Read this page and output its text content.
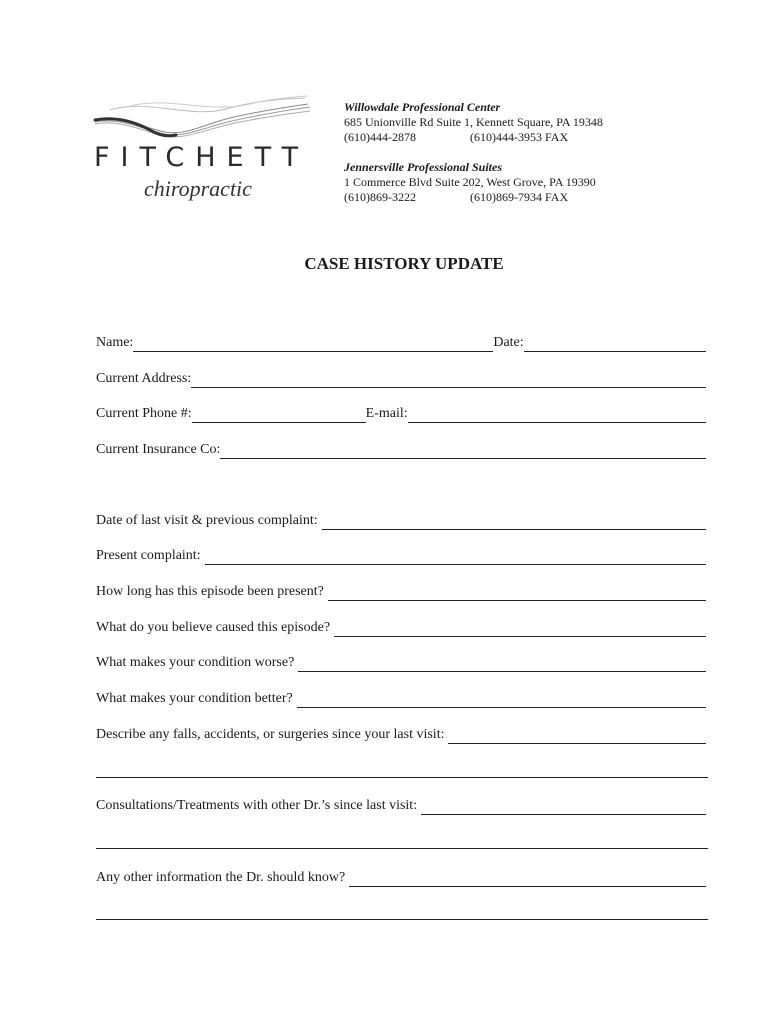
FITCHETT
chiropractic
Willowdale Professional Center
685 Unionville Rd Suite 1, Kennett Square, PA 19348
(610)444-2878	(610)444-3953 FAX
Jennersville Professional Suites
1 Commerce Blvd Suite 202, West Grove, PA 19390
(610)869-3222	(610)869-7934 FAX
CASE HISTORY UPDATE
Name:	Date:
Current Address:
Current Phone #:	E-mail:
Current Insurance Co:
Date of last visit & previous complaint:
Present complaint:
How long has this episode been present?
What do you believe caused this episode?
What makes your condition worse?
What makes your condition better?
Describe any falls, accidents, or surgeries since your last visit:
Consultations/Treatments with other Dr.’s since last visit:
Any other information the Dr. should know?
